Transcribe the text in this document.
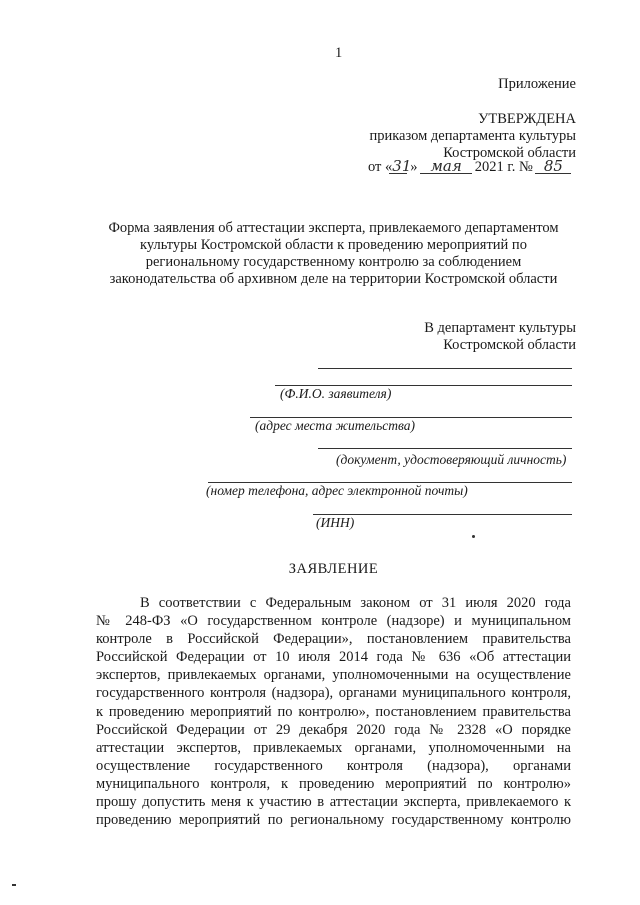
1
Приложение
УТВЕРЖДЕНА
приказом департамента культуры
Костромской области
от «31» мая 2021 г. № 85
Форма заявления об аттестации эксперта, привлекаемого департаментом
культуры Костромской области к проведению мероприятий по
региональному государственному контролю за соблюдением
законодательства об архивном деле на территории Костромской области
В департамент культуры
Костромской области
(Ф.И.О. заявителя)
(адрес места жительства)
(документ, удостоверяющий личность)
(номер телефона, адрес электронной почты)
(ИНН)
ЗАЯВЛЕНИЕ
В соответствии с Федеральным законом от 31 июля 2020 года
№ 248-ФЗ «О государственном контроле (надзоре) и муниципальном
контроле в Российской Федерации», постановлением правительства
Российской Федерации от 10 июля 2014 года № 636 «Об аттестации
экспертов, привлекаемых органами, уполномоченными на осуществление
государственного контроля (надзора), органами муниципального контроля,
к проведению мероприятий по контролю», постановлением правительства
Российской Федерации от 29 декабря 2020 года № 2328 «О порядке
аттестации экспертов, привлекаемых органами, уполномоченными на
осуществление государственного контроля (надзора), органами
муниципального контроля, к проведению мероприятий по контролю»
прошу допустить меня к участию в аттестации эксперта, привлекаемого к
проведению мероприятий по региональному государственному контролю
